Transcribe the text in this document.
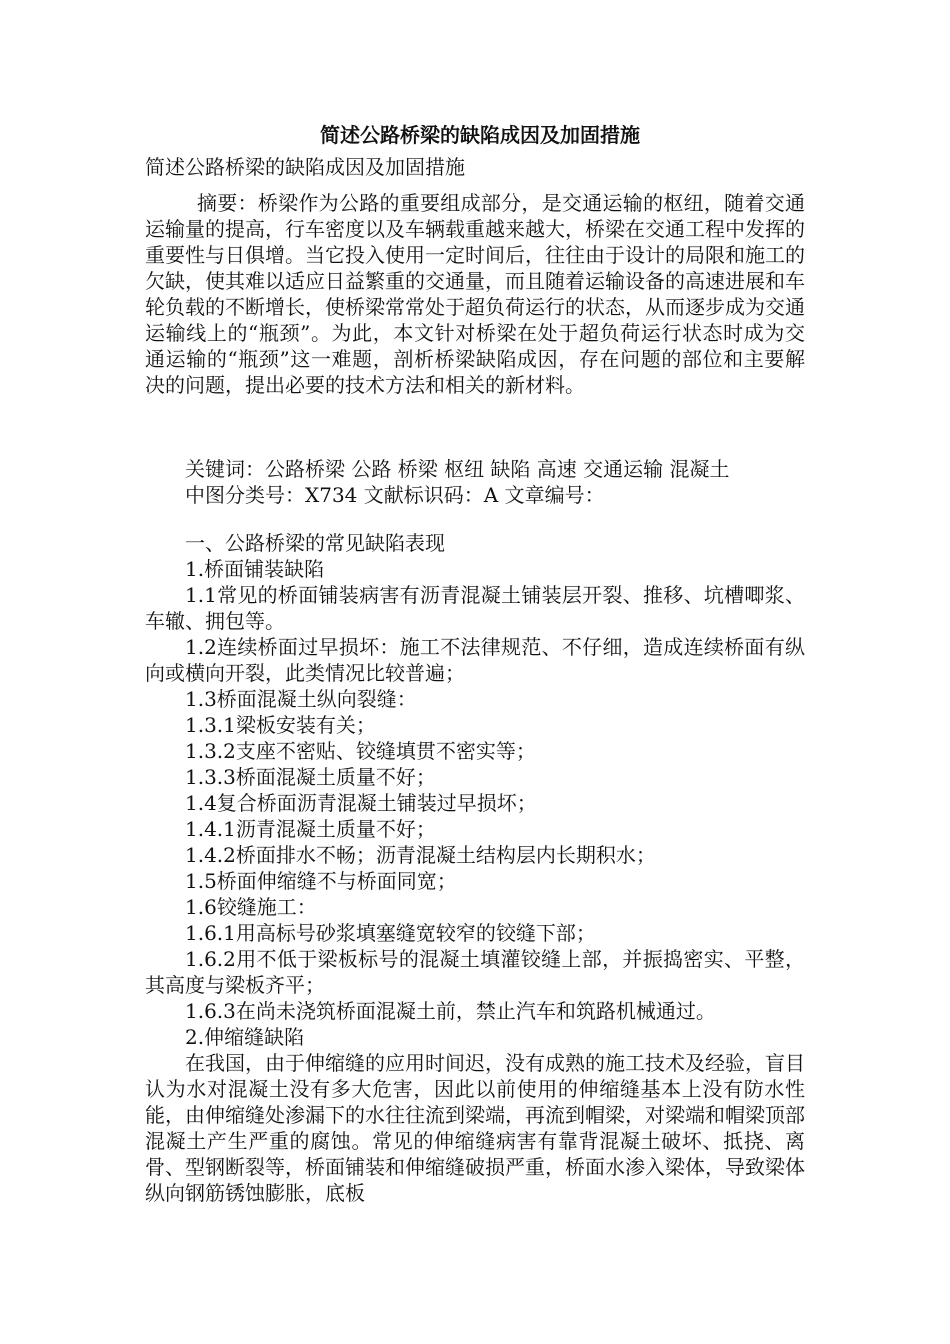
简述公路桥梁的缺陷成因及加固措施

简述公路桥梁的缺陷成因及加固措施

摘要：桥梁作为公路的重要组成部分，是交通运输的枢纽，随着交通运输量的提高，行车密度以及车辆载重越来越大，桥梁在交通工程中发挥的重要性与日俱增。当它投入使用一定时间后，往往由于设计的局限和施工的欠缺，使其难以适应日益繁重的交通量，而且随着运输设备的高速进展和车轮负载的不断增长，使桥梁常常处于超负荷运行的状态，从而逐步成为交通运输线上的“瓶颈”。为此，本文针对桥梁在处于超负荷运行状态时成为交通运输的“瓶颈”这一难题，剖析桥梁缺陷成因，存在问题的部位和主要解决的问题，提出必要的技术方法和相关的新材料。

关键词：公路桥梁 公路 桥梁 枢纽 缺陷 高速 交通运输 混凝土

中图分类号：X734 文献标识码：A 文章编号：

一、公路桥梁的常见缺陷表现

1.桥面铺装缺陷

1.1常见的桥面铺装病害有沥青混凝土铺装层开裂、推移、坑槽唧浆、车辙、拥包等。

1.2连续桥面过早损坏：施工不法律规范、不仔细，造成连续桥面有纵向或横向开裂，此类情况比较普遍；

1.3桥面混凝土纵向裂缝：

1.3.1梁板安装有关；

1.3.2支座不密贴、铰缝填贯不密实等；

1.3.3桥面混凝土质量不好；

1.4复合桥面沥青混凝土铺装过早损坏；

1.4.1沥青混凝土质量不好；

1.4.2桥面排水不畅；沥青混凝土结构层内长期积水；

1.5桥面伸缩缝不与桥面同宽；

1.6铰缝施工：

1.6.1用高标号砂浆填塞缝宽较窄的铰缝下部；

1.6.2用不低于梁板标号的混凝土填灌铰缝上部，并振捣密实、平整，其高度与梁板齐平；

1.6.3在尚未浇筑桥面混凝土前，禁止汽车和筑路机械通过。

2.伸缩缝缺陷

在我国，由于伸缩缝的应用时间迟，没有成熟的施工技术及经验，盲目认为水对混凝土没有多大危害，因此以前使用的伸缩缝基本上没有防水性能，由伸缩缝处渗漏下的水往往流到梁端，再流到帽梁，对梁端和帽梁顶部混凝土产生严重的腐蚀。常见的伸缩缝病害有靠背混凝土破坏、抵挠、离骨、型钢断裂等，桥面铺装和伸缩缝破损严重，桥面水渗入梁体，导致梁体纵向钢筋锈蚀膨胀，底板
